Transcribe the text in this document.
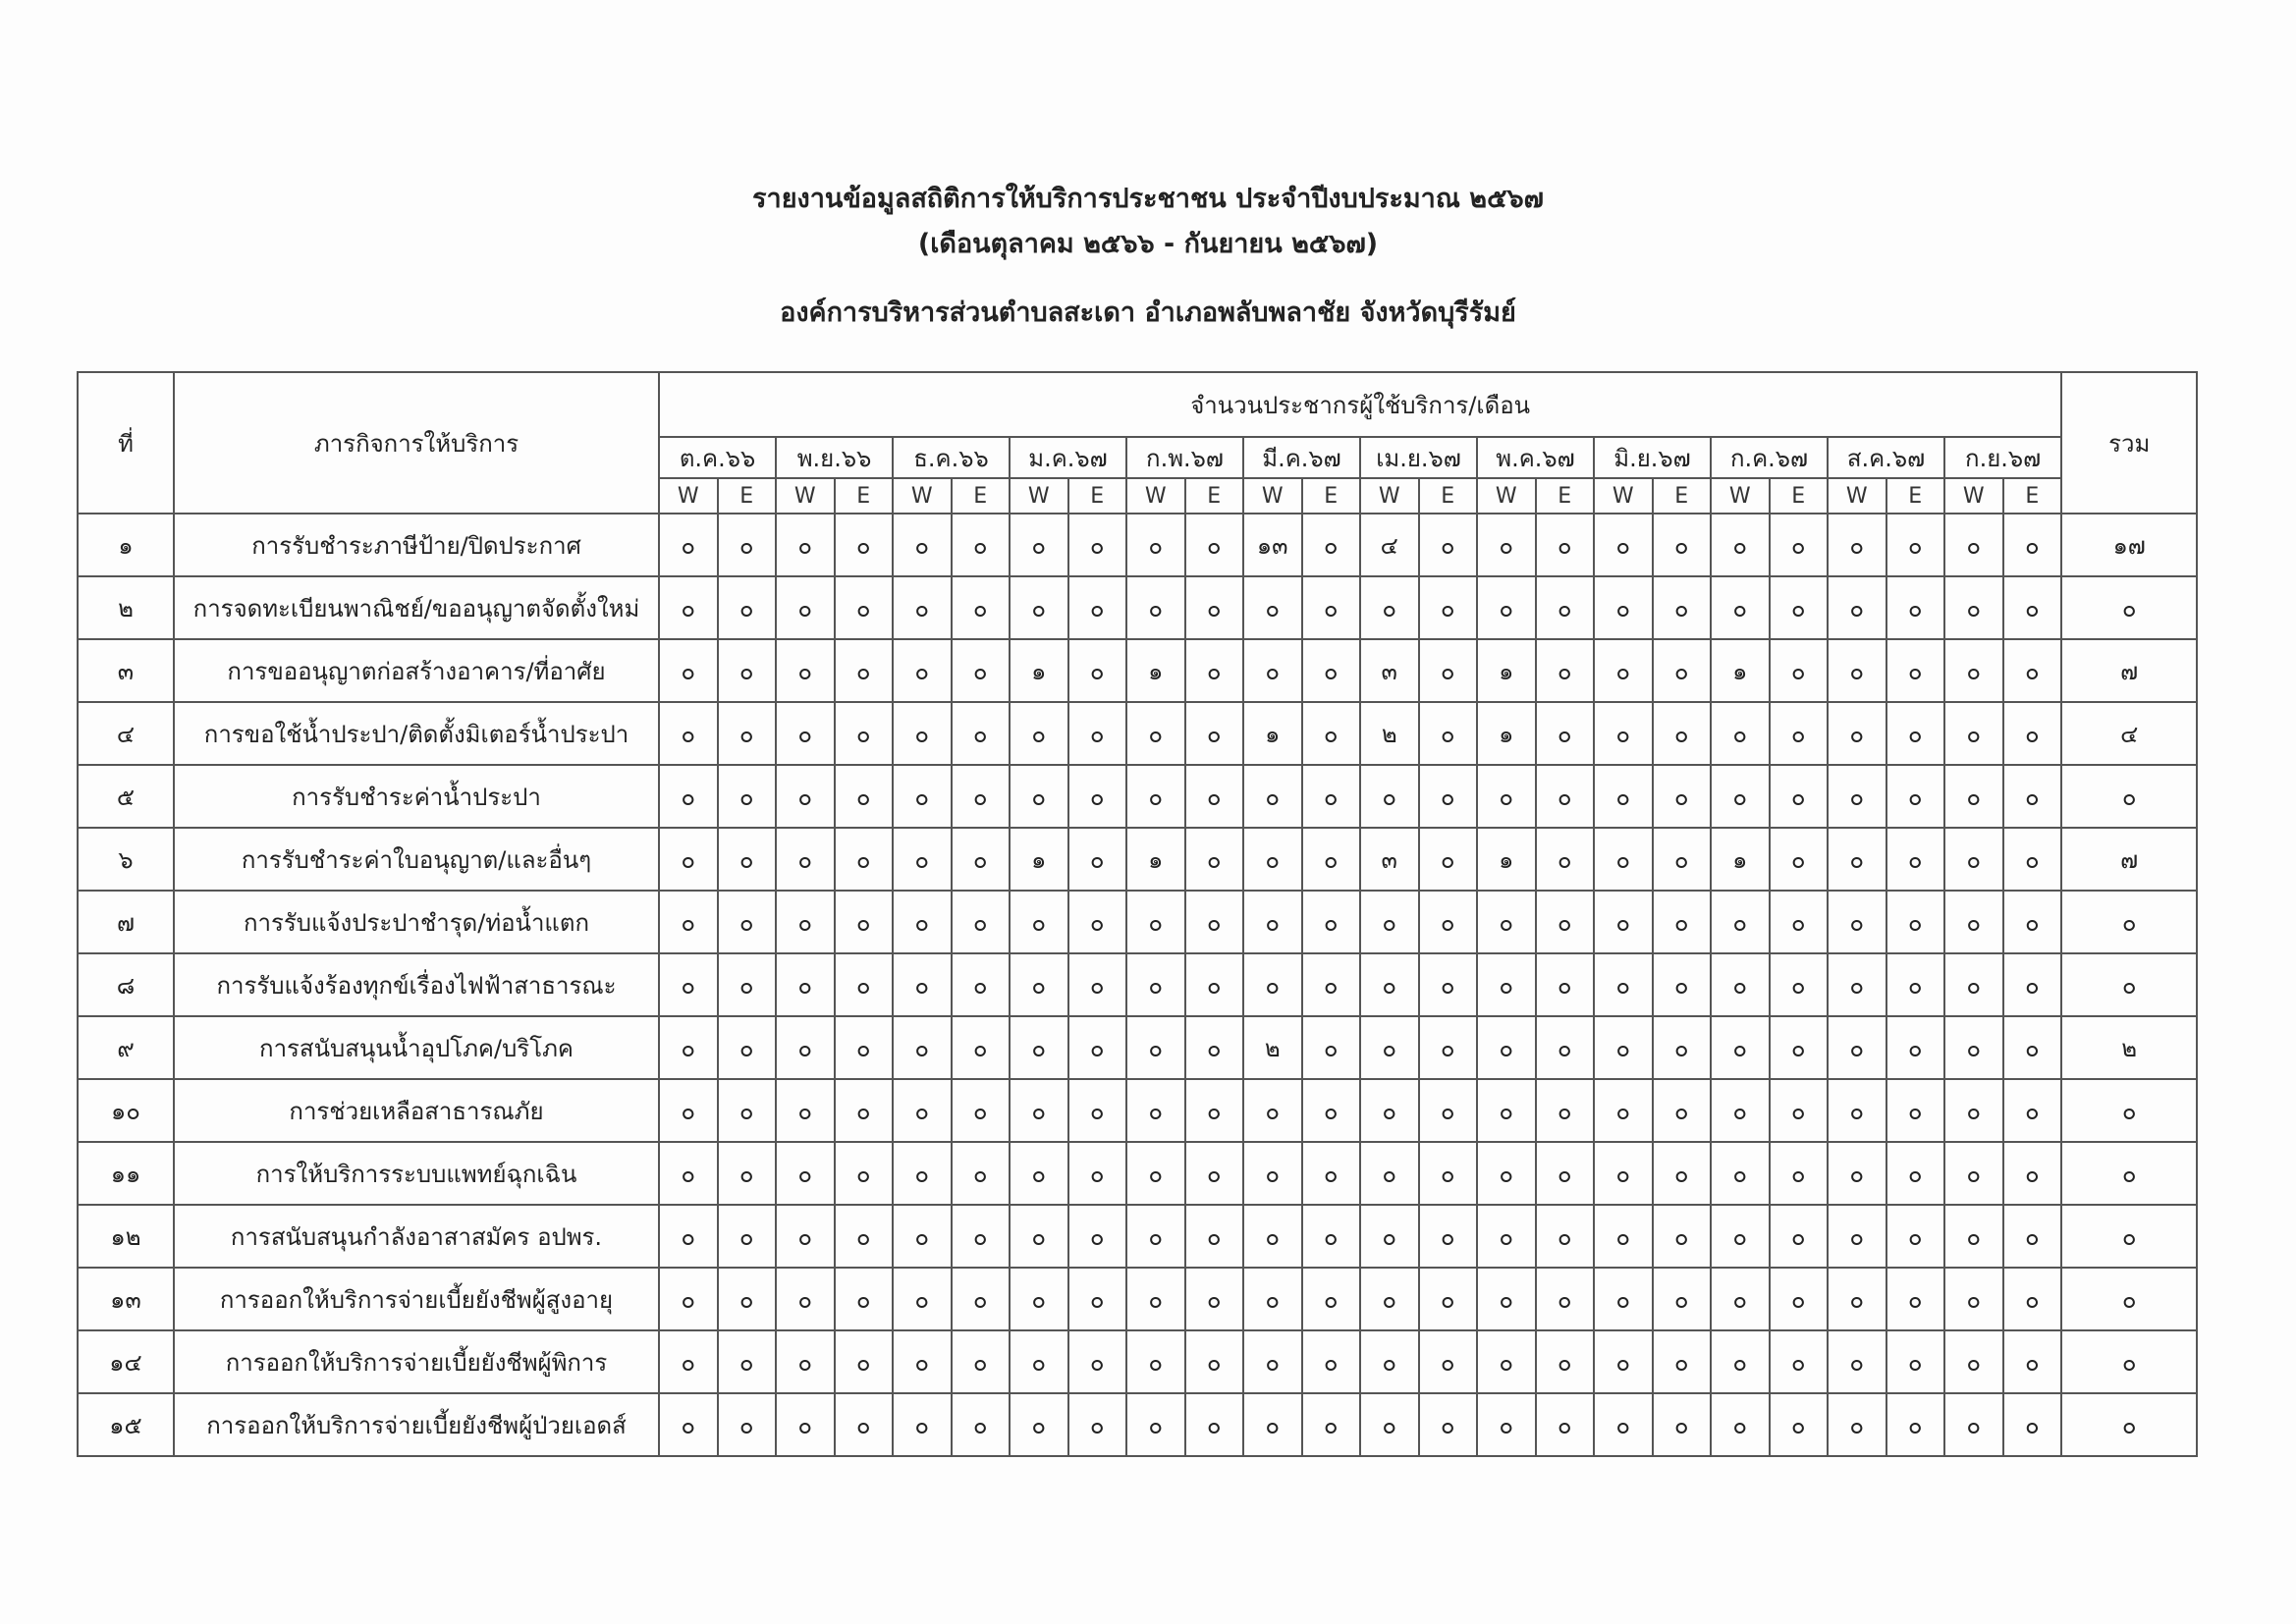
รายงานข้อมูลสถิติการให้บริการประชาชน ประจำปีงบประมาณ ๒๕๖๗
(เดือนตุลาคม ๒๕๖๖ - กันยายน ๒๕๖๗)
องค์การบริหารส่วนตำบลสะเดา อำเภอพลับพลาชัย จังหวัดบุรีรัมย์
ที่	ภารกิจการให้บริการ	จำนวนประชากรผู้ใช้บริการ/เดือน																								รวม
		ต.ค.๖๖		พ.ย.๖๖		ธ.ค.๖๖		ม.ค.๖๗		ก.พ.๖๗		มี.ค.๖๗		เม.ย.๖๗		พ.ค.๖๗		มิ.ย.๖๗		ก.ค.๖๗		ส.ค.๖๗		ก.ย.๖๗		
		W	E	W	E	W	E	W	E	W	E	W	E	W	E	W	E	W	E	W	E	W	E	W	E	
๑	การรับชำระภาษีป้าย/ปิดประกาศ	๐	๐	๐	๐	๐	๐	๐	๐	๐	๐	๑๓	๐	๔	๐	๐	๐	๐	๐	๐	๐	๐	๐	๐	๐	๑๗
๒	การจดทะเบียนพาณิชย์/ขออนุญาตจัดตั้งใหม่	๐	๐	๐	๐	๐	๐	๐	๐	๐	๐	๐	๐	๐	๐	๐	๐	๐	๐	๐	๐	๐	๐	๐	๐	๐
๓	การขออนุญาตก่อสร้างอาคาร/ที่อาศัย	๐	๐	๐	๐	๐	๐	๑	๐	๑	๐	๐	๐	๓	๐	๑	๐	๐	๐	๑	๐	๐	๐	๐	๐	๗
๔	การขอใช้น้ำประปา/ติดตั้งมิเตอร์น้ำประปา	๐	๐	๐	๐	๐	๐	๐	๐	๐	๐	๑	๐	๒	๐	๑	๐	๐	๐	๐	๐	๐	๐	๐	๐	๔
๕	การรับชำระค่าน้ำประปา	๐	๐	๐	๐	๐	๐	๐	๐	๐	๐	๐	๐	๐	๐	๐	๐	๐	๐	๐	๐	๐	๐	๐	๐	๐
๖	การรับชำระค่าใบอนุญาต/และอื่นๆ	๐	๐	๐	๐	๐	๐	๑	๐	๑	๐	๐	๐	๓	๐	๑	๐	๐	๐	๑	๐	๐	๐	๐	๐	๗
๗	การรับแจ้งประปาชำรุด/ท่อน้ำแตก	๐	๐	๐	๐	๐	๐	๐	๐	๐	๐	๐	๐	๐	๐	๐	๐	๐	๐	๐	๐	๐	๐	๐	๐	๐
๘	การรับแจ้งร้องทุกข์เรื่องไฟฟ้าสาธารณะ	๐	๐	๐	๐	๐	๐	๐	๐	๐	๐	๐	๐	๐	๐	๐	๐	๐	๐	๐	๐	๐	๐	๐	๐	๐
๙	การสนับสนุนน้ำอุปโภค/บริโภค	๐	๐	๐	๐	๐	๐	๐	๐	๐	๐	๒	๐	๐	๐	๐	๐	๐	๐	๐	๐	๐	๐	๐	๐	๒
๑๐	การช่วยเหลือสาธารณภัย	๐	๐	๐	๐	๐	๐	๐	๐	๐	๐	๐	๐	๐	๐	๐	๐	๐	๐	๐	๐	๐	๐	๐	๐	๐
๑๑	การให้บริการระบบแพทย์ฉุกเฉิน	๐	๐	๐	๐	๐	๐	๐	๐	๐	๐	๐	๐	๐	๐	๐	๐	๐	๐	๐	๐	๐	๐	๐	๐	๐
๑๒	การสนับสนุนกำลังอาสาสมัคร อปพร.	๐	๐	๐	๐	๐	๐	๐	๐	๐	๐	๐	๐	๐	๐	๐	๐	๐	๐	๐	๐	๐	๐	๐	๐	๐
๑๓	การออกให้บริการจ่ายเบี้ยยังชีพผู้สูงอายุ	๐	๐	๐	๐	๐	๐	๐	๐	๐	๐	๐	๐	๐	๐	๐	๐	๐	๐	๐	๐	๐	๐	๐	๐	๐
๑๔	การออกให้บริการจ่ายเบี้ยยังชีพผู้พิการ	๐	๐	๐	๐	๐	๐	๐	๐	๐	๐	๐	๐	๐	๐	๐	๐	๐	๐	๐	๐	๐	๐	๐	๐	๐
๑๕	การออกให้บริการจ่ายเบี้ยยังชีพผู้ป่วยเอดส์	๐	๐	๐	๐	๐	๐	๐	๐	๐	๐	๐	๐	๐	๐	๐	๐	๐	๐	๐	๐	๐	๐	๐	๐	๐
